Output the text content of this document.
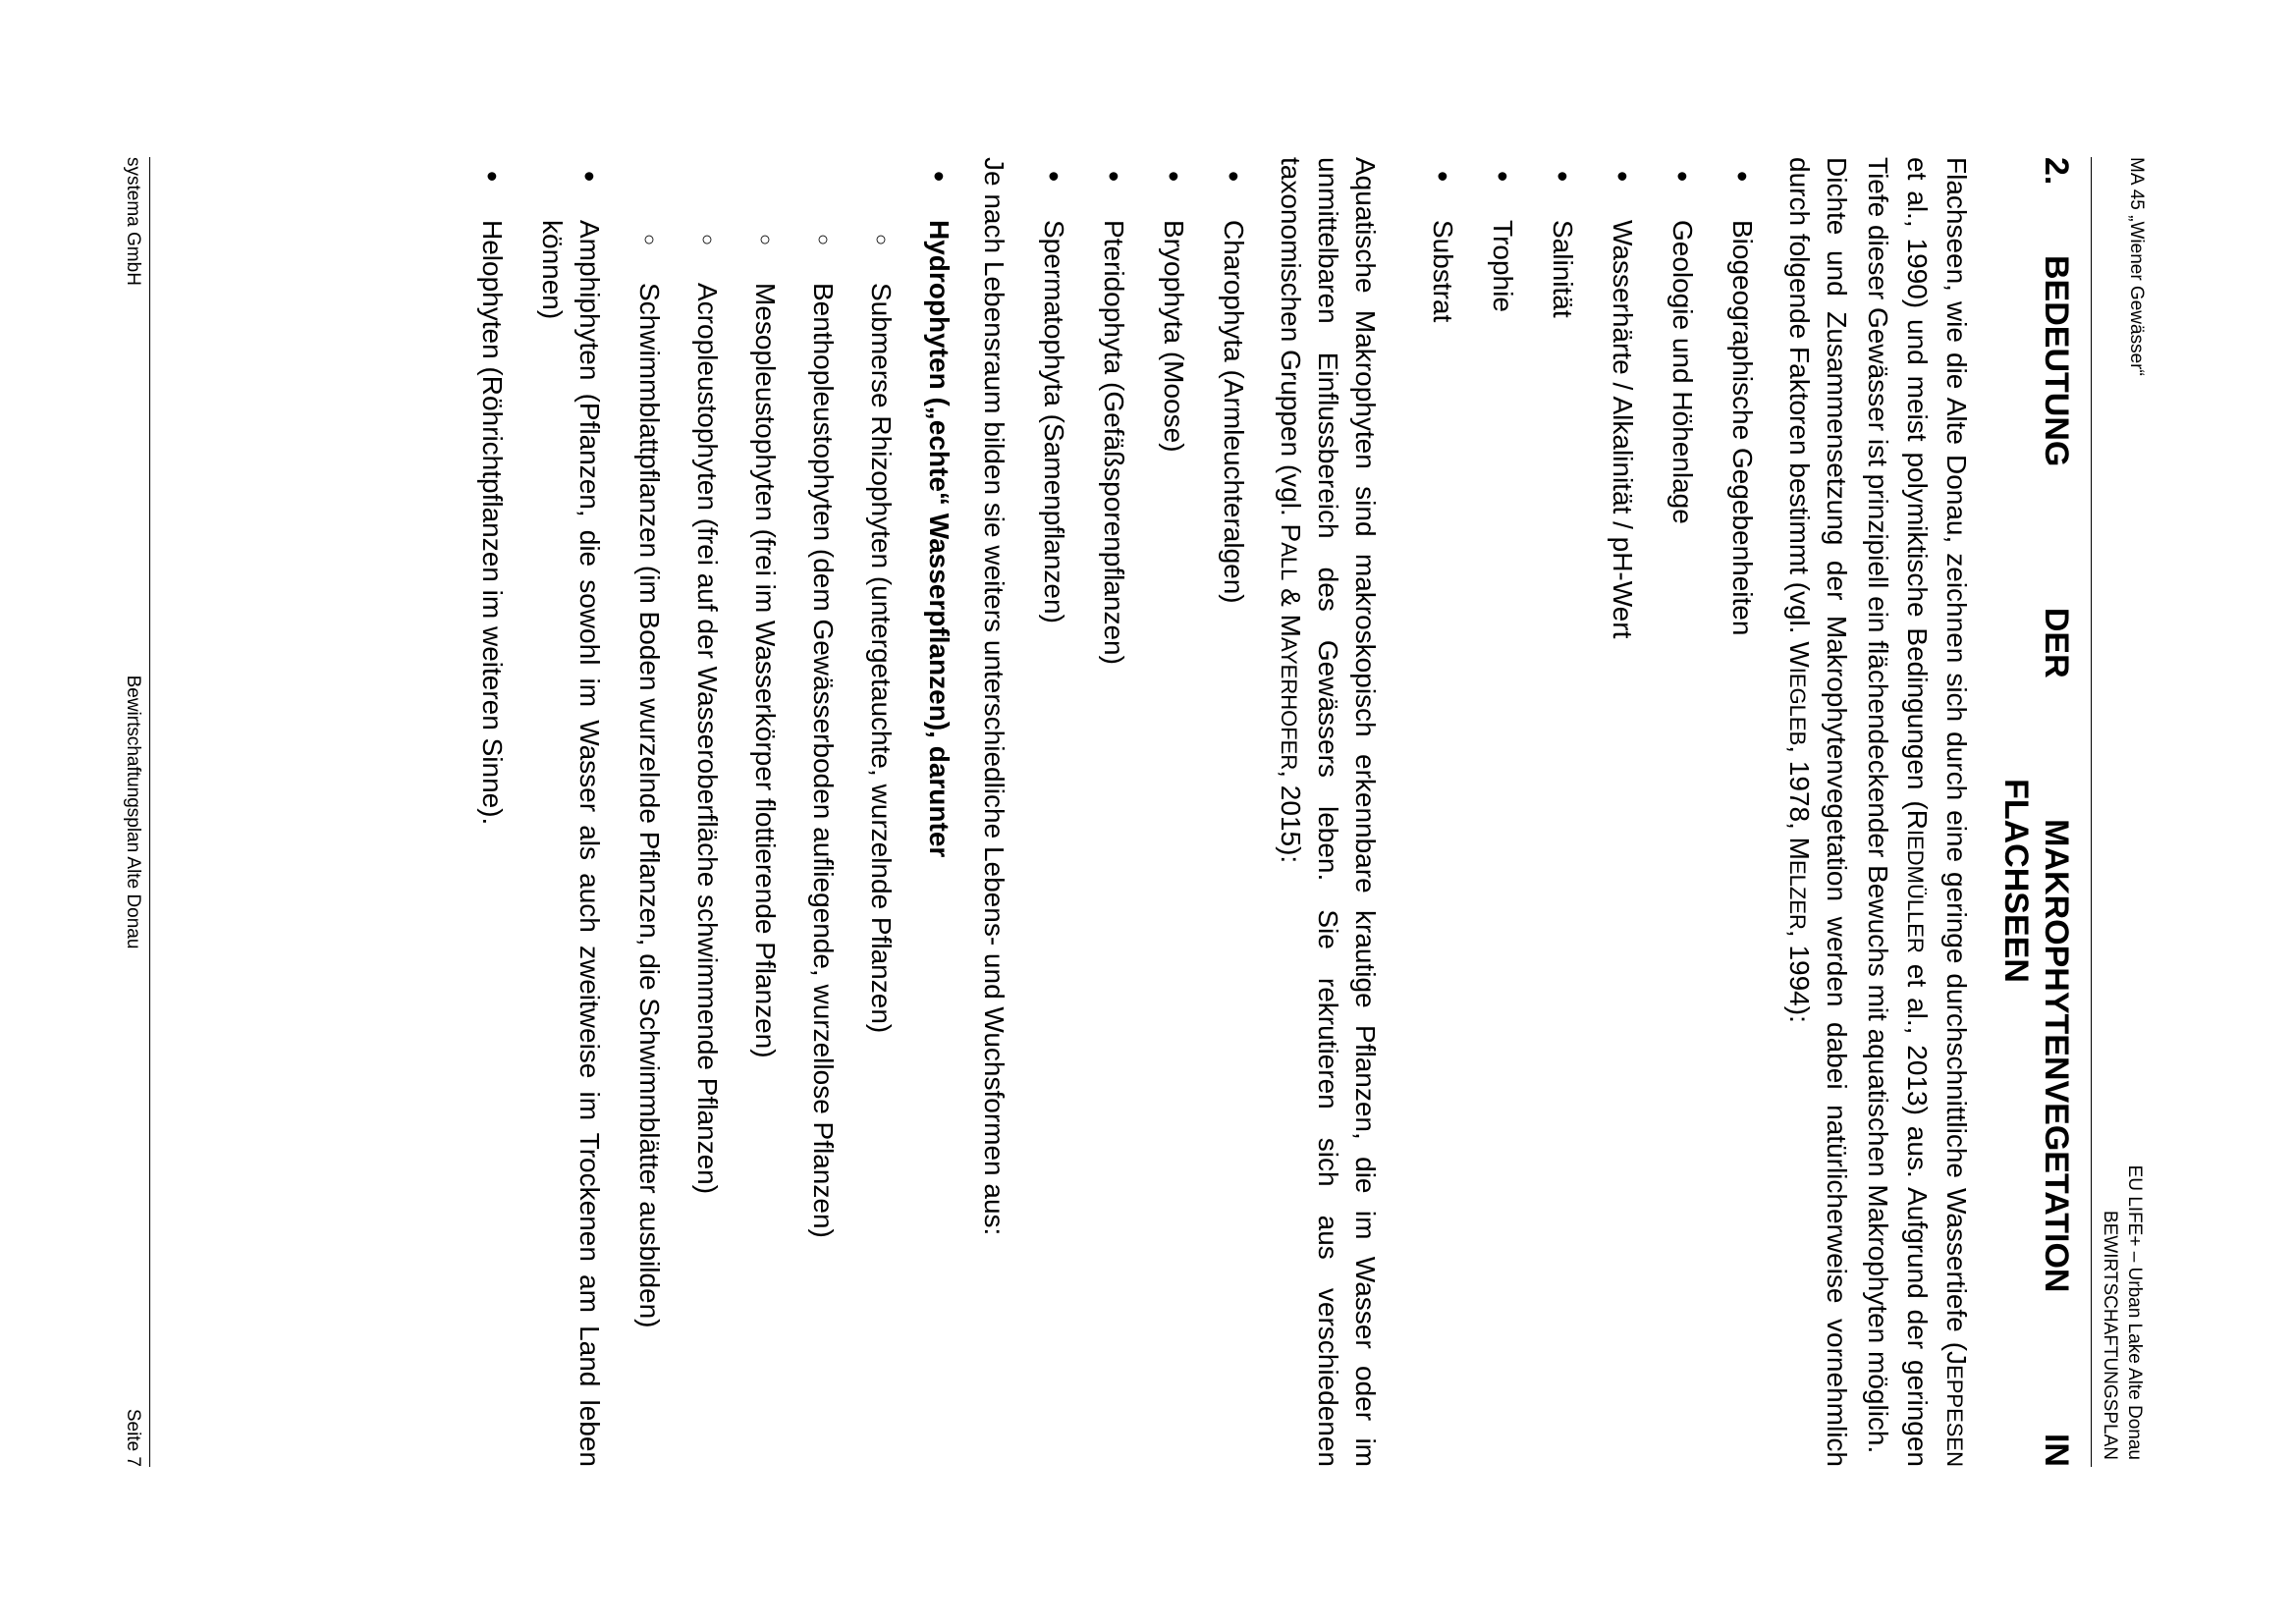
MA 45 „Wiener Gewässer“
EU LIFE+ – Urban Lake Alte Donau
BEWIRTSCHAFTUNGSPLAN
2.
BEDEUTUNG DER MAKROPHYTENVEGETATION IN
FLACHSEEN

Flachseen, wie die Alte Donau, zeichnen sich durch eine geringe durchschnittliche Wassertiefe (JEPPESEN et al., 1990) und meist polymiktische Bedingungen (RIEDMÜLLER et al., 2013) aus. Aufgrund der geringen Tiefe dieser Gewässer ist prinzipiell ein flächendeckender Bewuchs mit aquatischen Makrophyten möglich.

Dichte und Zusammensetzung der Makrophytenvegetation werden dabei natürlicherweise vornehmlich durch folgende Faktoren bestimmt (vgl. WIEGLEB, 1978, MELZER, 1994):

• Biogeographische Gegebenheiten
• Geologie und Höhenlage
• Wasserhärte / Alkalinität / pH-Wert
• Salinität
• Trophie
• Substrat

Aquatische Makrophyten sind makroskopisch erkennbare krautige Pflanzen, die im Wasser oder im unmittelbaren Einflussbereich des Gewässers leben. Sie rekrutieren sich aus verschiedenen taxonomischen Gruppen (vgl. PALL & MAYERHOFER, 2015):

• Charophyta (Armleuchteralgen)
• Bryophyta (Moose)
• Pteridophyta (Gefäßsporenpflanzen)
• Spermatophyta (Samenpflanzen)

Je nach Lebensraum bilden sie weiters unterschiedliche Lebens- und Wuchsformen aus:

• Hydrophyten („echte“ Wasserpflanzen), darunter
○ Submerse Rhizophyten (untergetauchte, wurzelnde Pflanzen)
○ Benthopleustophyten (dem Gewässerboden aufliegende, wurzellose Pflanzen)
○ Mesopleustophyten (frei im Wasserkörper flottierende Pflanzen)
○ Acropleustophyten (frei auf der Wasseroberfläche schwimmende Pflanzen)
○ Schwimmblattpflanzen (im Boden wurzelnde Pflanzen, die Schwimmblätter ausbilden)
• Amphiphyten (Pflanzen, die sowohl im Wasser als auch zweitweise im Trockenen am Land leben können)
• Helophyten (Röhrichtpflanzen im weiteren Sinne).
systema GmbH
Bewirtschaftungsplan Alte Donau
Seite 7
